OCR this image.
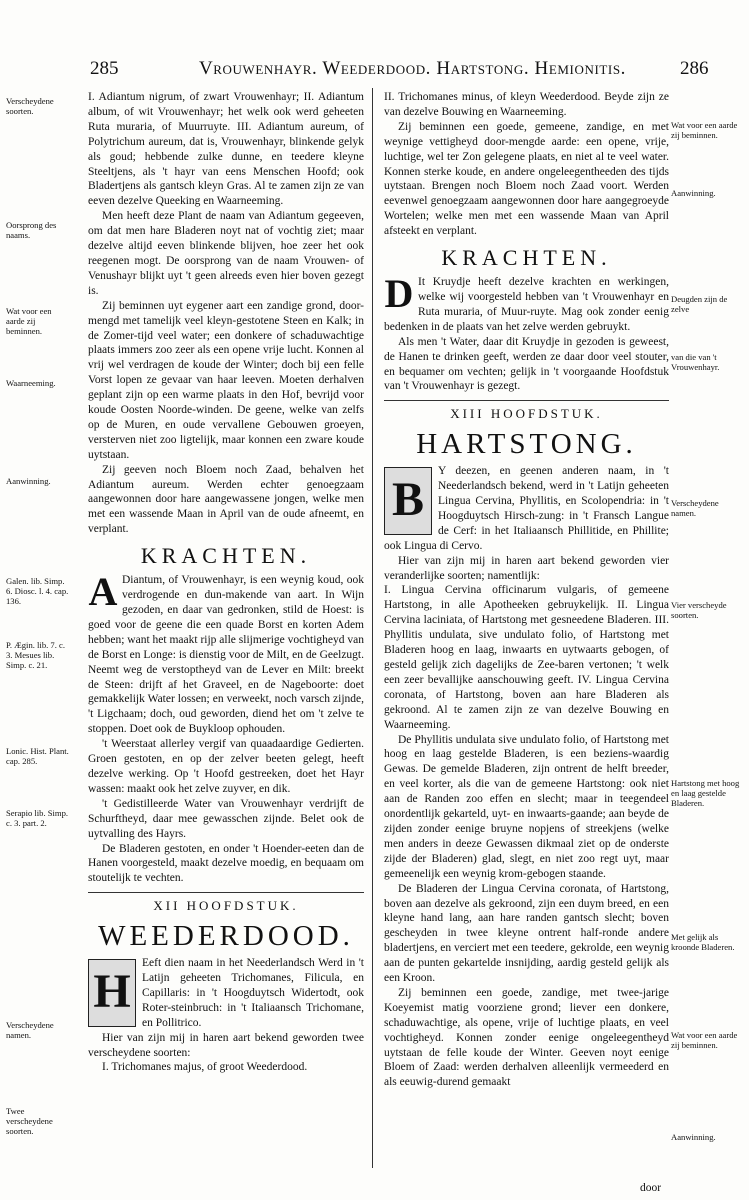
285	Vrouwenhayr. Weederdood. Hartstong. Hemionitis.	286
Verscheydene soorten.
Oorsprong des naams.
Wat voor een aarde zij beminnen.
Waarneeming.
Aanwinning.
Galen. lib. Simp. 6. Diosc. l. 4. cap. 136.
P. Ægin. lib. 7. c. 3. Mesues lib. Simp. c. 21.
Lonic. Hist. Plant. cap. 285.
Serapio lib. Simp. c. 3. part. 2.
Verscheydene namen.
Twee verscheydene soorten.
Wat voor een aarde zij beminnen.
Aanwinning.
Deugden zijn de zelve
van die van 't Vrouwenhayr.
Verscheydene namen.
Vier verscheyde soorten.
Hartstong met hoog en laag gestelde Bladeren.
Met gelijk als kroonde Bladeren.
Wat voor een aarde zij beminnen.
Aanwinning.

I. Adiantum nigrum, of zwart Vrouwenhayr; II. Adiantum album, of wit Vrouwenhayr; het welk ook werd geheeten Ruta muraria, of Muurruyte. III. Adiantum aureum, of Polytrichum aureum, dat is, Vrouwenhayr, blinkende gelyk als goud; hebbende zulke dunne, en teedere kleyne Steeltjens, als 't hayr van eens Menschen Hoofd; ook Bladertjens als gantsch kleyn Gras. Al te zamen zijn ze van eeven dezelve Queeking en Waarneeming.

Men heeft deze Plant de naam van Adiantum gegeeven, om dat men hare Bladeren noyt nat of vochtig ziet; maar dezelve altijd eeven blinkende blijven, hoe zeer het ook reegenen mogt. De oorsprong van de naam Vrouwen- of Venushayr blijkt uyt 't geen alreeds even hier boven gezegt is.

Zij beminnen uyt eygener aart een zandige grond, door-mengd met tamelijk veel kleyn-gestotene Steen en Kalk; in de Zomer-tijd veel water; een donkere of schaduwachtige plaats immers zoo zeer als een opene vrije lucht. Konnen al vrij wel verdragen de koude der Winter; doch bij een felle Vorst lopen ze gevaar van haar leeven. Moeten derhalven geplant zijn op een warme plaats in den Hof, bevrijd voor koude Oosten Noorde-winden. De geene, welke van zelfs op de Muren, en oude vervallene Gebouwen groeyen, versterven niet zoo ligtelijk, maar konnen een zware koude uytstaan.

Zij geeven noch Bloem noch Zaad, behalven het Adiantum aureum. Werden echter genoegzaam aangewonnen door hare aangewassene jongen, welke men met een wassende Maan in April van de oude afneemt, en verplant.

KRACHTEN.

A Diantum, of Vrouwenhayr, is een weynig koud, ook verdrogende en dun-makende van aart. In Wijn gezoden, en daar van gedronken, stild de Hoest: is goed voor de geene die een quade Borst en korten Adem hebben; want het maakt rijp alle slijmerige vochtigheyd van de Borst en Longe: is dienstig voor de Milt, en de Geelzugt. Neemt weg de verstoptheyd van de Lever en Milt: breekt de Steen: drijft af het Graveel, en de Nageboorte: doet gemakkelijk Water lossen; en verweekt, noch varsch zijnde, 't Ligchaam; doch, oud geworden, diend het om 't zelve te stoppen. Doet ook de Buykloop ophouden.

't Weerstaat allerley vergif van quaadaardige Gedierten. Groen gestoten, en op der zelver beeten gelegt, heeft dezelve werking. Op 't Hoofd gestreeken, doet het Hayr wassen: maakt ook het zelve zuyver, en dik.

't Gedistilleerde Water van Vrouwenhayr verdrijft de Schurftheyd, daar mee gewasschen zijnde. Belet ook de uytvalling des Hayrs.

De Bladeren gestoten, en onder 't Hoender-eeten dan de Hanen voorgesteld, maakt dezelve moedig, en bequaam om stoutelijk te vechten.

XII HOOFDSTUK.
WEEDERDOOD.

H
Eeft dien naam in het Neederlandsch Werd in 't Latijn geheeten Trichomanes, Filicula, en Capillaris: in 't Hoogduytsch Widertodt, ook Roter-steinbruch: in 't Italiaansch Trichomane, en Pollitrico.

Hier van zijn mij in haren aart bekend geworden twee verscheydene soorten:

I. Trichomanes majus, of groot Weederdood.

II. Trichomanes minus, of kleyn Weederdood. Beyde zijn ze van dezelve Bouwing en Waarneeming.

Zij beminnen een goede, gemeene, zandige, en met weynige vettigheyd door-mengde aarde: een opene, vrije, luchtige, wel ter Zon gelegene plaats, en niet al te veel water. Konnen sterke koude, en andere ongeleegentheeden des tijds uytstaan. Brengen noch Bloem noch Zaad voort. Werden eevenwel genoegzaam aangewonnen door hare aangegroeyde Wortelen; welke men met een wassende Maan van April afsteekt en verplant.

KRACHTEN.

D It Kruydje heeft dezelve krachten en werkingen, welke wij voorgesteld hebben van 't Vrouwenhayr en Ruta muraria, of Muur-ruyte. Mag ook zonder eenig bedenken in de plaats van het zelve werden gebruykt.

Als men 't Water, daar dit Kruydje in gezoden is geweest, de Hanen te drinken geeft, werden ze daar door veel stouter, en bequamer om vechten; gelijk in 't voorgaande Hoofdstuk van 't Vrouwenhayr is gezegt.

XIII HOOFDSTUK.
HARTSTONG.

B
Y deezen, en geenen anderen naam, in 't Neederlandsch bekend, werd in 't Latijn geheeten Lingua Cervina, Phyllitis, en Scolopendria: in 't Hoogduytsch Hirsch-zung: in 't Fransch Langue de Cerf: in het Italiaansch Phillitide, en Phillite; ook Lingua di Cervo.

Hier van zijn mij in haren aart bekend geworden vier veranderlijke soorten; namentlijk:

I. Lingua Cervina officinarum vulgaris, of gemeene Hartstong, in alle Apotheeken gebruykelijk. II. Lingua Cervina laciniata, of Hartstong met gesneedene Bladeren. III. Phyllitis undulata, sive undulato folio, of Hartstong met Bladeren hoog en laag, inwaarts en uytwaarts gebogen, of gesteld gelijk zich dagelijks de Zee-baren vertonen; 't welk een zeer bevallijke aanschouwing geeft. IV. Lingua Cervina coronata, of Hartstong, boven aan hare Bladeren als gekroond. Al te zamen zijn ze van dezelve Bouwing en Waarneeming.

De Phyllitis undulata sive undulato folio, of Hartstong met hoog en laag gestelde Bladeren, is een beziens-waardig Gewas. De gemelde Bladeren, zijn ontrent de helft breeder, en veel korter, als die van de gemeene Hartstong: ook niet aan de Randen zoo effen en slecht; maar in teegendeel onordentlijk gekarteld, uyt- en inwaarts-gaande; aan beyde de zijden zonder eenige bruyne nopjens of streekjens (welke men anders in deeze Gewassen dikmaal ziet op de onderste zijde der Bladeren) glad, slegt, en niet zoo regt uyt, maar gemeenelijk een weynig krom-gebogen staande.

De Bladeren der Lingua Cervina coronata, of Hartstong, boven aan dezelve als gekroond, zijn een duym breed, en een kleyne hand lang, aan hare randen gantsch slecht; boven gescheyden in twee kleyne ontrent half-ronde andere bladertjens, en verciert met een teedere, gekrolde, een weynig aan de punten gekartelde insnijding, aardig gesteld gelijk als een Kroon.

Zij beminnen een goede, zandige, met twee-jarige Koeyemist matig voorziene grond; liever een donkere, schaduwachtige, als opene, vrije of luchtige plaats, en veel vochtigheyd. Konnen zonder eenige ongeleegentheyd uytstaan de felle koude der Winter. Geeven noyt eenige Bloem of Zaad: werden derhalven alleenlijk vermeederd en als eeuwig-durend gemaakt

door
